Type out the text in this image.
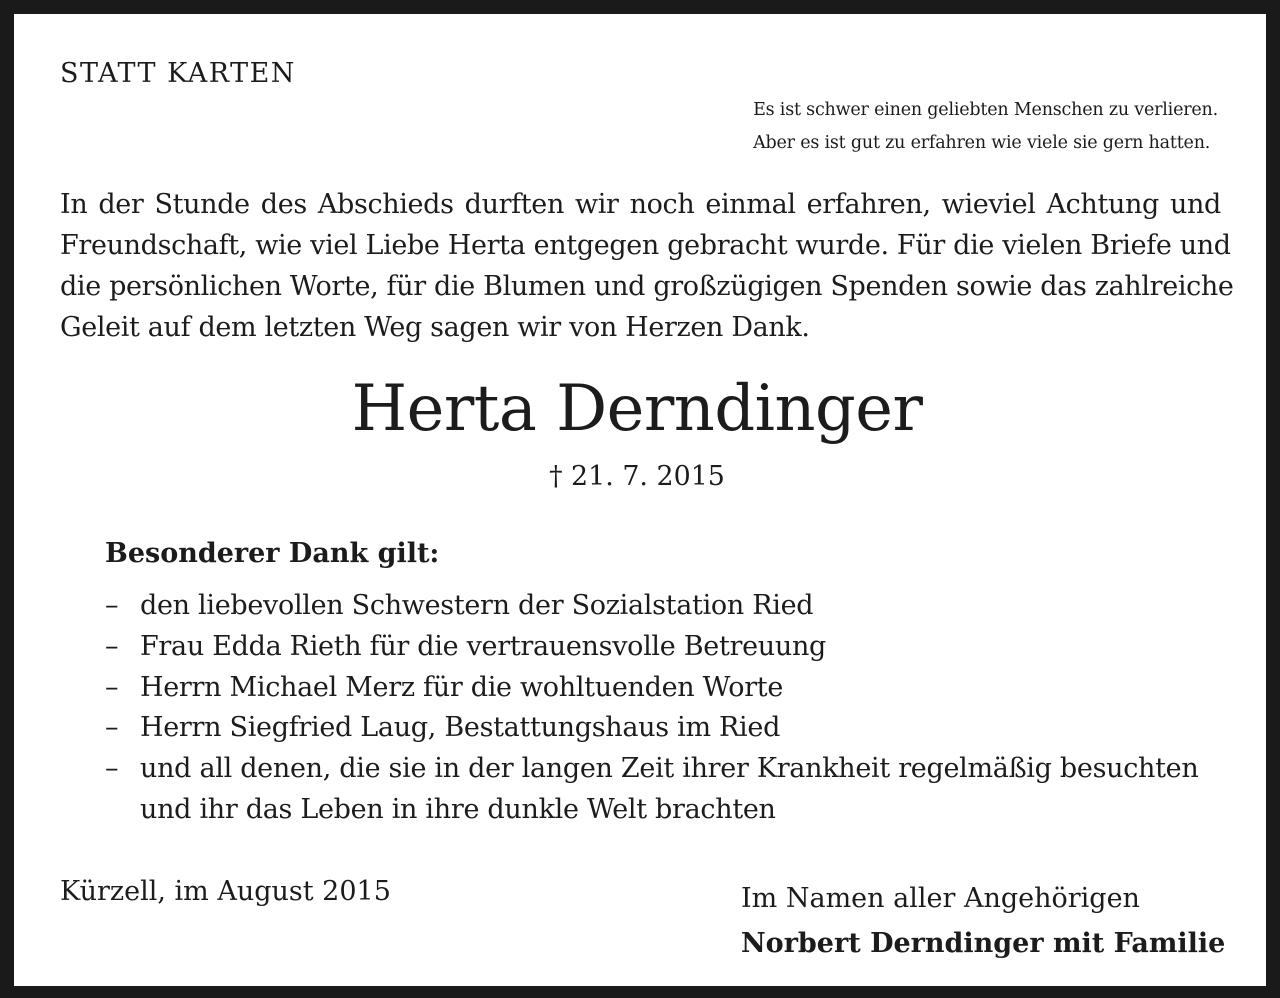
STATT KARTEN

Es ist schwer einen geliebten Menschen zu verlieren.
Aber es ist gut zu erfahren wie viele sie gern hatten.
In der Stunde des Abschieds durften wir noch einmal erfahren, wieviel Achtung und
Freundschaft, wie viel Liebe Herta entgegen gebracht wurde. Für die vielen Briefe und
die persönlichen Worte, für die Blumen und großzügigen Spenden sowie das zahlreiche
Geleit auf dem letzten Weg sagen wir von Herzen Dank.

Herta Derndinger

† 21. 7. 2015

Besonderer Dank gilt:

– den liebevollen Schwestern der Sozialstation Ried
– Frau Edda Rieth für die vertrauensvolle Betreuung
– Herrn Michael Merz für die wohltuenden Worte
– Herrn Siegfried Laug, Bestattungshaus im Ried
– und all denen, die sie in der langen Zeit ihrer Krankheit regelmäßig besuchten
und ihr das Leben in ihre dunkle Welt brachten

Kürzell, im August 2015	Im Namen aller Angehörigen
Norbert Derndinger mit Familie
